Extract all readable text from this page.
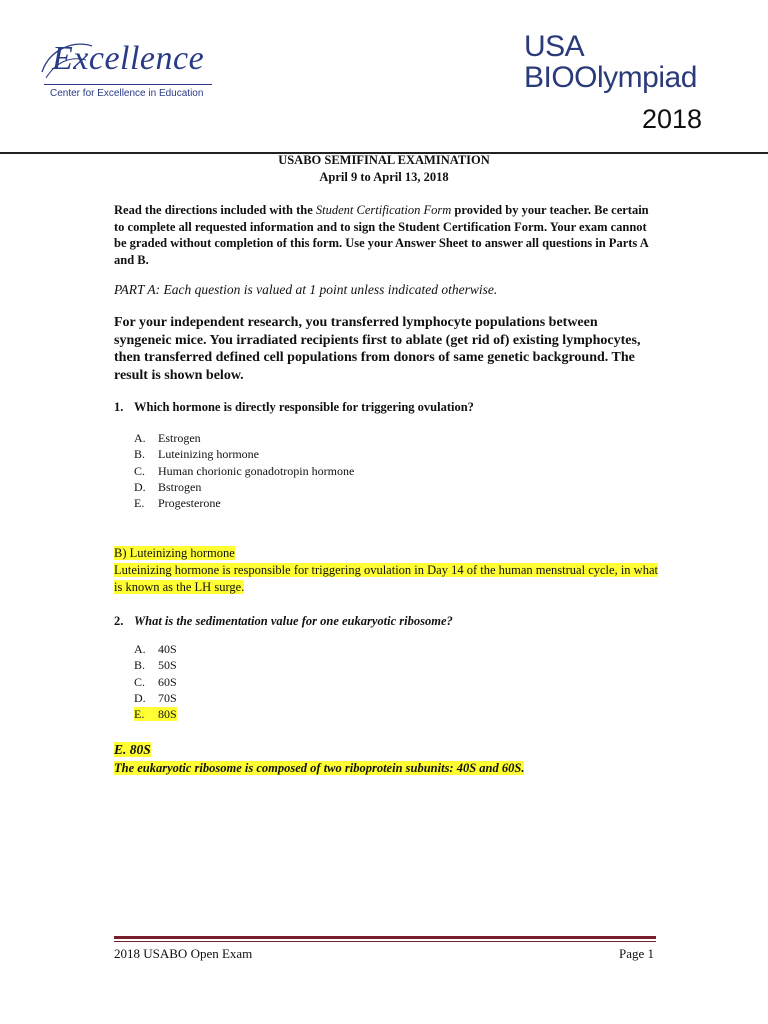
Excellence
Center for Excellence in Education
USA
BIOOlympiad
2018
USABO SEMIFINAL EXAMINATION
April 9 to April 13, 2018
Read the directions included with the Student Certification Form provided by your teacher. Be certain to complete all requested information and to sign the Student Certification Form. Your exam cannot be graded without completion of this form. Use your Answer Sheet to answer all questions in Parts A and B.
PART A: Each question is valued at 1 point unless indicated otherwise.
For your independent research, you transferred lymphocyte populations between syngeneic mice. You irradiated recipients first to ablate (get rid of) existing lymphocytes, then transferred defined cell populations from donors of same genetic background. The result is shown below.
1. Which hormone is directly responsible for triggering ovulation?
A. Estrogen
B. Luteinizing hormone
C. Human chorionic gonadotropin hormone
D. Bstrogen
E. Progesterone
B) Luteinizing hormone
Luteinizing hormone is responsible for triggering ovulation in Day 14 of the human menstrual cycle, in what is known as the LH surge.
2. What is the sedimentation value for one eukaryotic ribosome?
A. 40S
B. 50S
C. 60S
D. 70S
E. 80S
E. 80S
The eukaryotic ribosome is composed of two riboprotein subunits: 40S and 60S.
2018 USABO Open Exam	Page 1
